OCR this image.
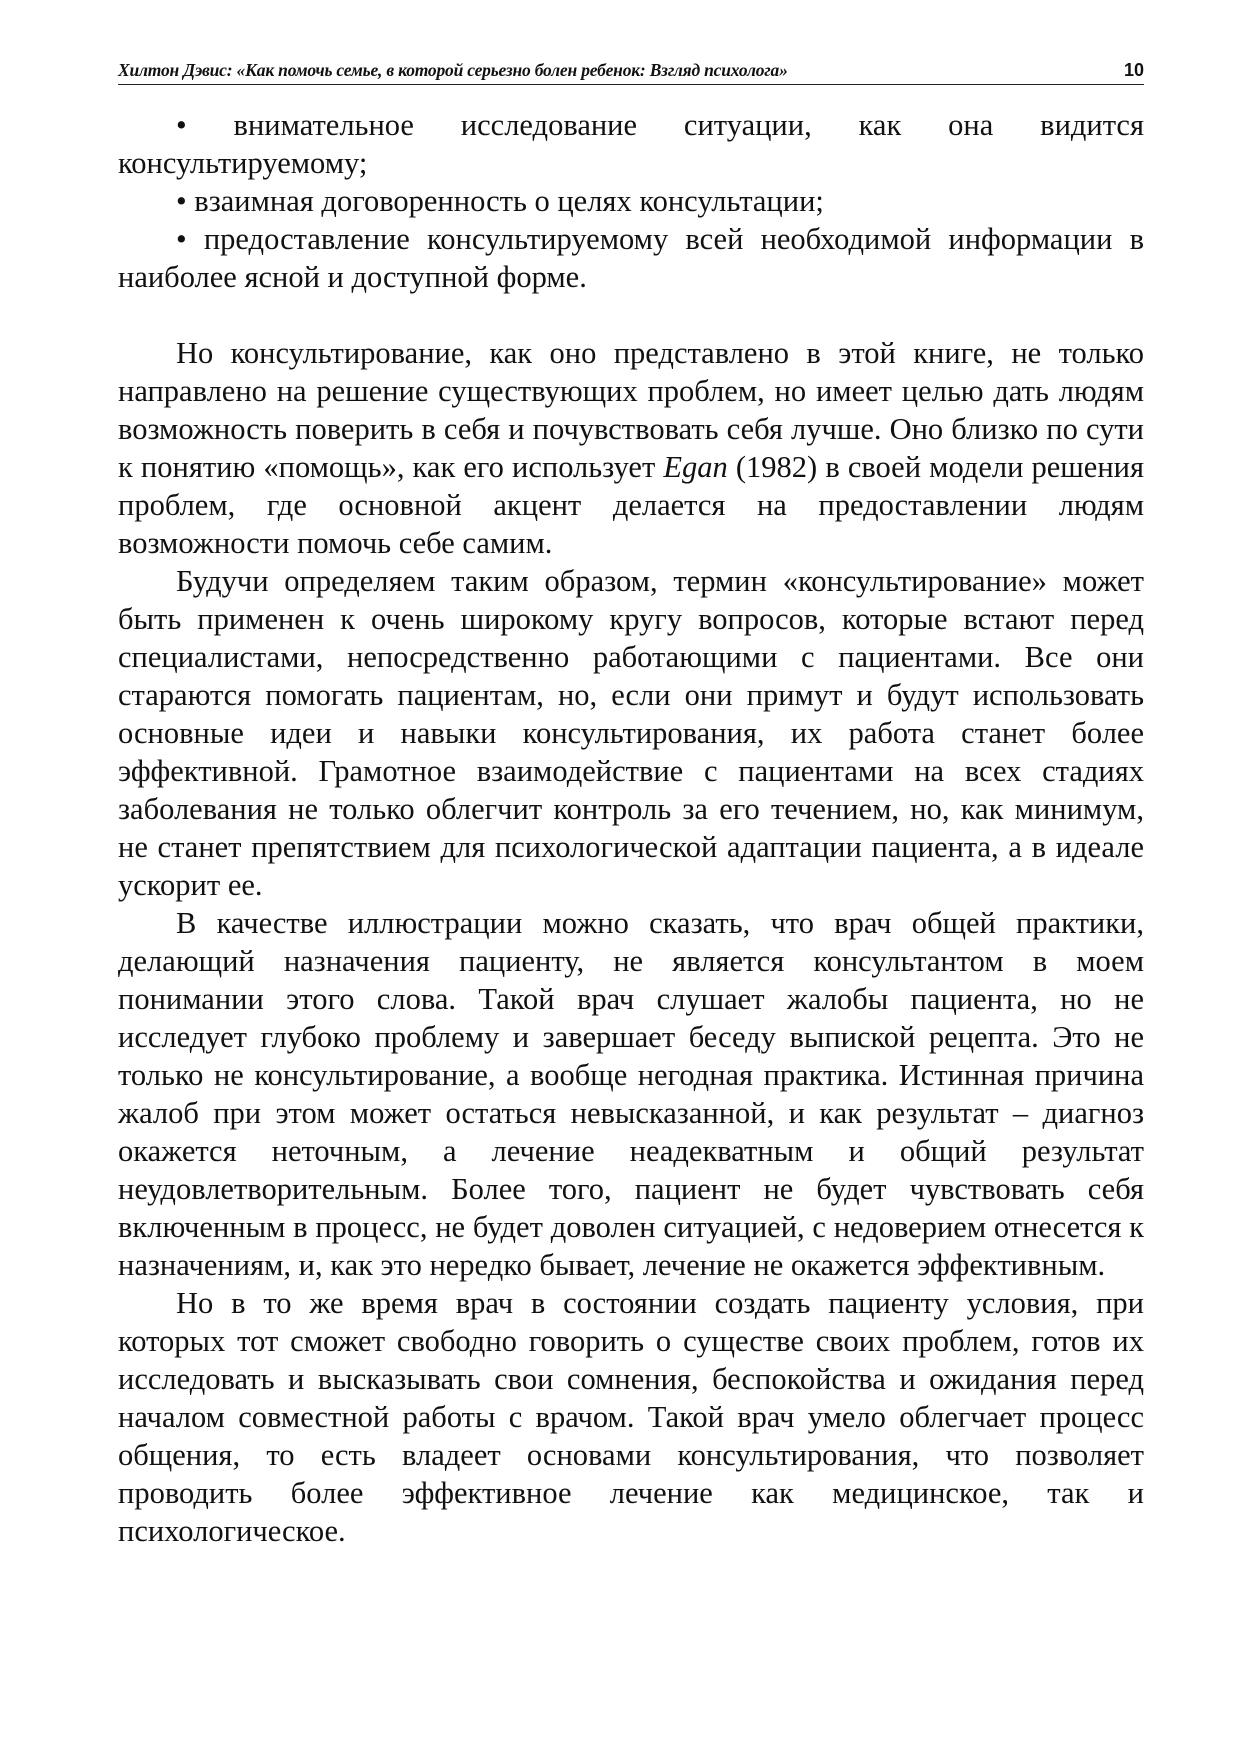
Хилтон Дэвис: «Как помочь семье, в которой серьезно болен ребенок: Взгляд психолога»	10

• внимательное исследование ситуации, как она видится консультируемому;

• взаимная договоренность о целях консультации;

• предоставление консультируемому всей необходимой информации в наиболее ясной и доступной форме.

Но консультирование, как оно представлено в этой книге, не только направлено на решение существующих проблем, но имеет целью дать людям возможность поверить в себя и почувствовать себя лучше. Оно близко по сути к понятию «помощь», как его использует Egan (1982) в своей модели решения проблем, где основной акцент делается на предоставлении людям возможности помочь себе самим.

Будучи определяем таким образом, термин «консультирование» может быть применен к очень широкому кругу вопросов, которые встают перед специалистами, непосредственно работающими с пациентами. Все они стараются помогать пациентам, но, если они примут и будут использовать основные идеи и навыки консультирования, их работа станет более эффективной. Грамотное взаимодействие с пациентами на всех стадиях заболевания не только облегчит контроль за его течением, но, как минимум, не станет препятствием для психологической адаптации пациента, а в идеале ускорит ее.

В качестве иллюстрации можно сказать, что врач общей практики, делающий назначения пациенту, не является консультантом в моем понимании этого слова. Такой врач слушает жалобы пациента, но не исследует глубоко проблему и завершает беседу выпиской рецепта. Это не только не консультирование, а вообще негодная практика. Истинная причина жалоб при этом может остаться невысказанной, и как результат – диагноз окажется неточным, а лечение неадекватным и общий результат неудовлетворительным. Более того, пациент не будет чувствовать себя включенным в процесс, не будет доволен ситуацией, с недоверием отнесется к назначениям, и, как это нередко бывает, лечение не окажется эффективным.

Но в то же время врач в состоянии создать пациенту условия, при которых тот сможет свободно говорить о существе своих проблем, готов их исследовать и высказывать свои сомнения, беспокойства и ожидания перед началом совместной работы с врачом. Такой врач умело облегчает процесс общения, то есть владеет основами консультирования, что позволяет проводить более эффективное лечение как медицинское, так и психологическое.
